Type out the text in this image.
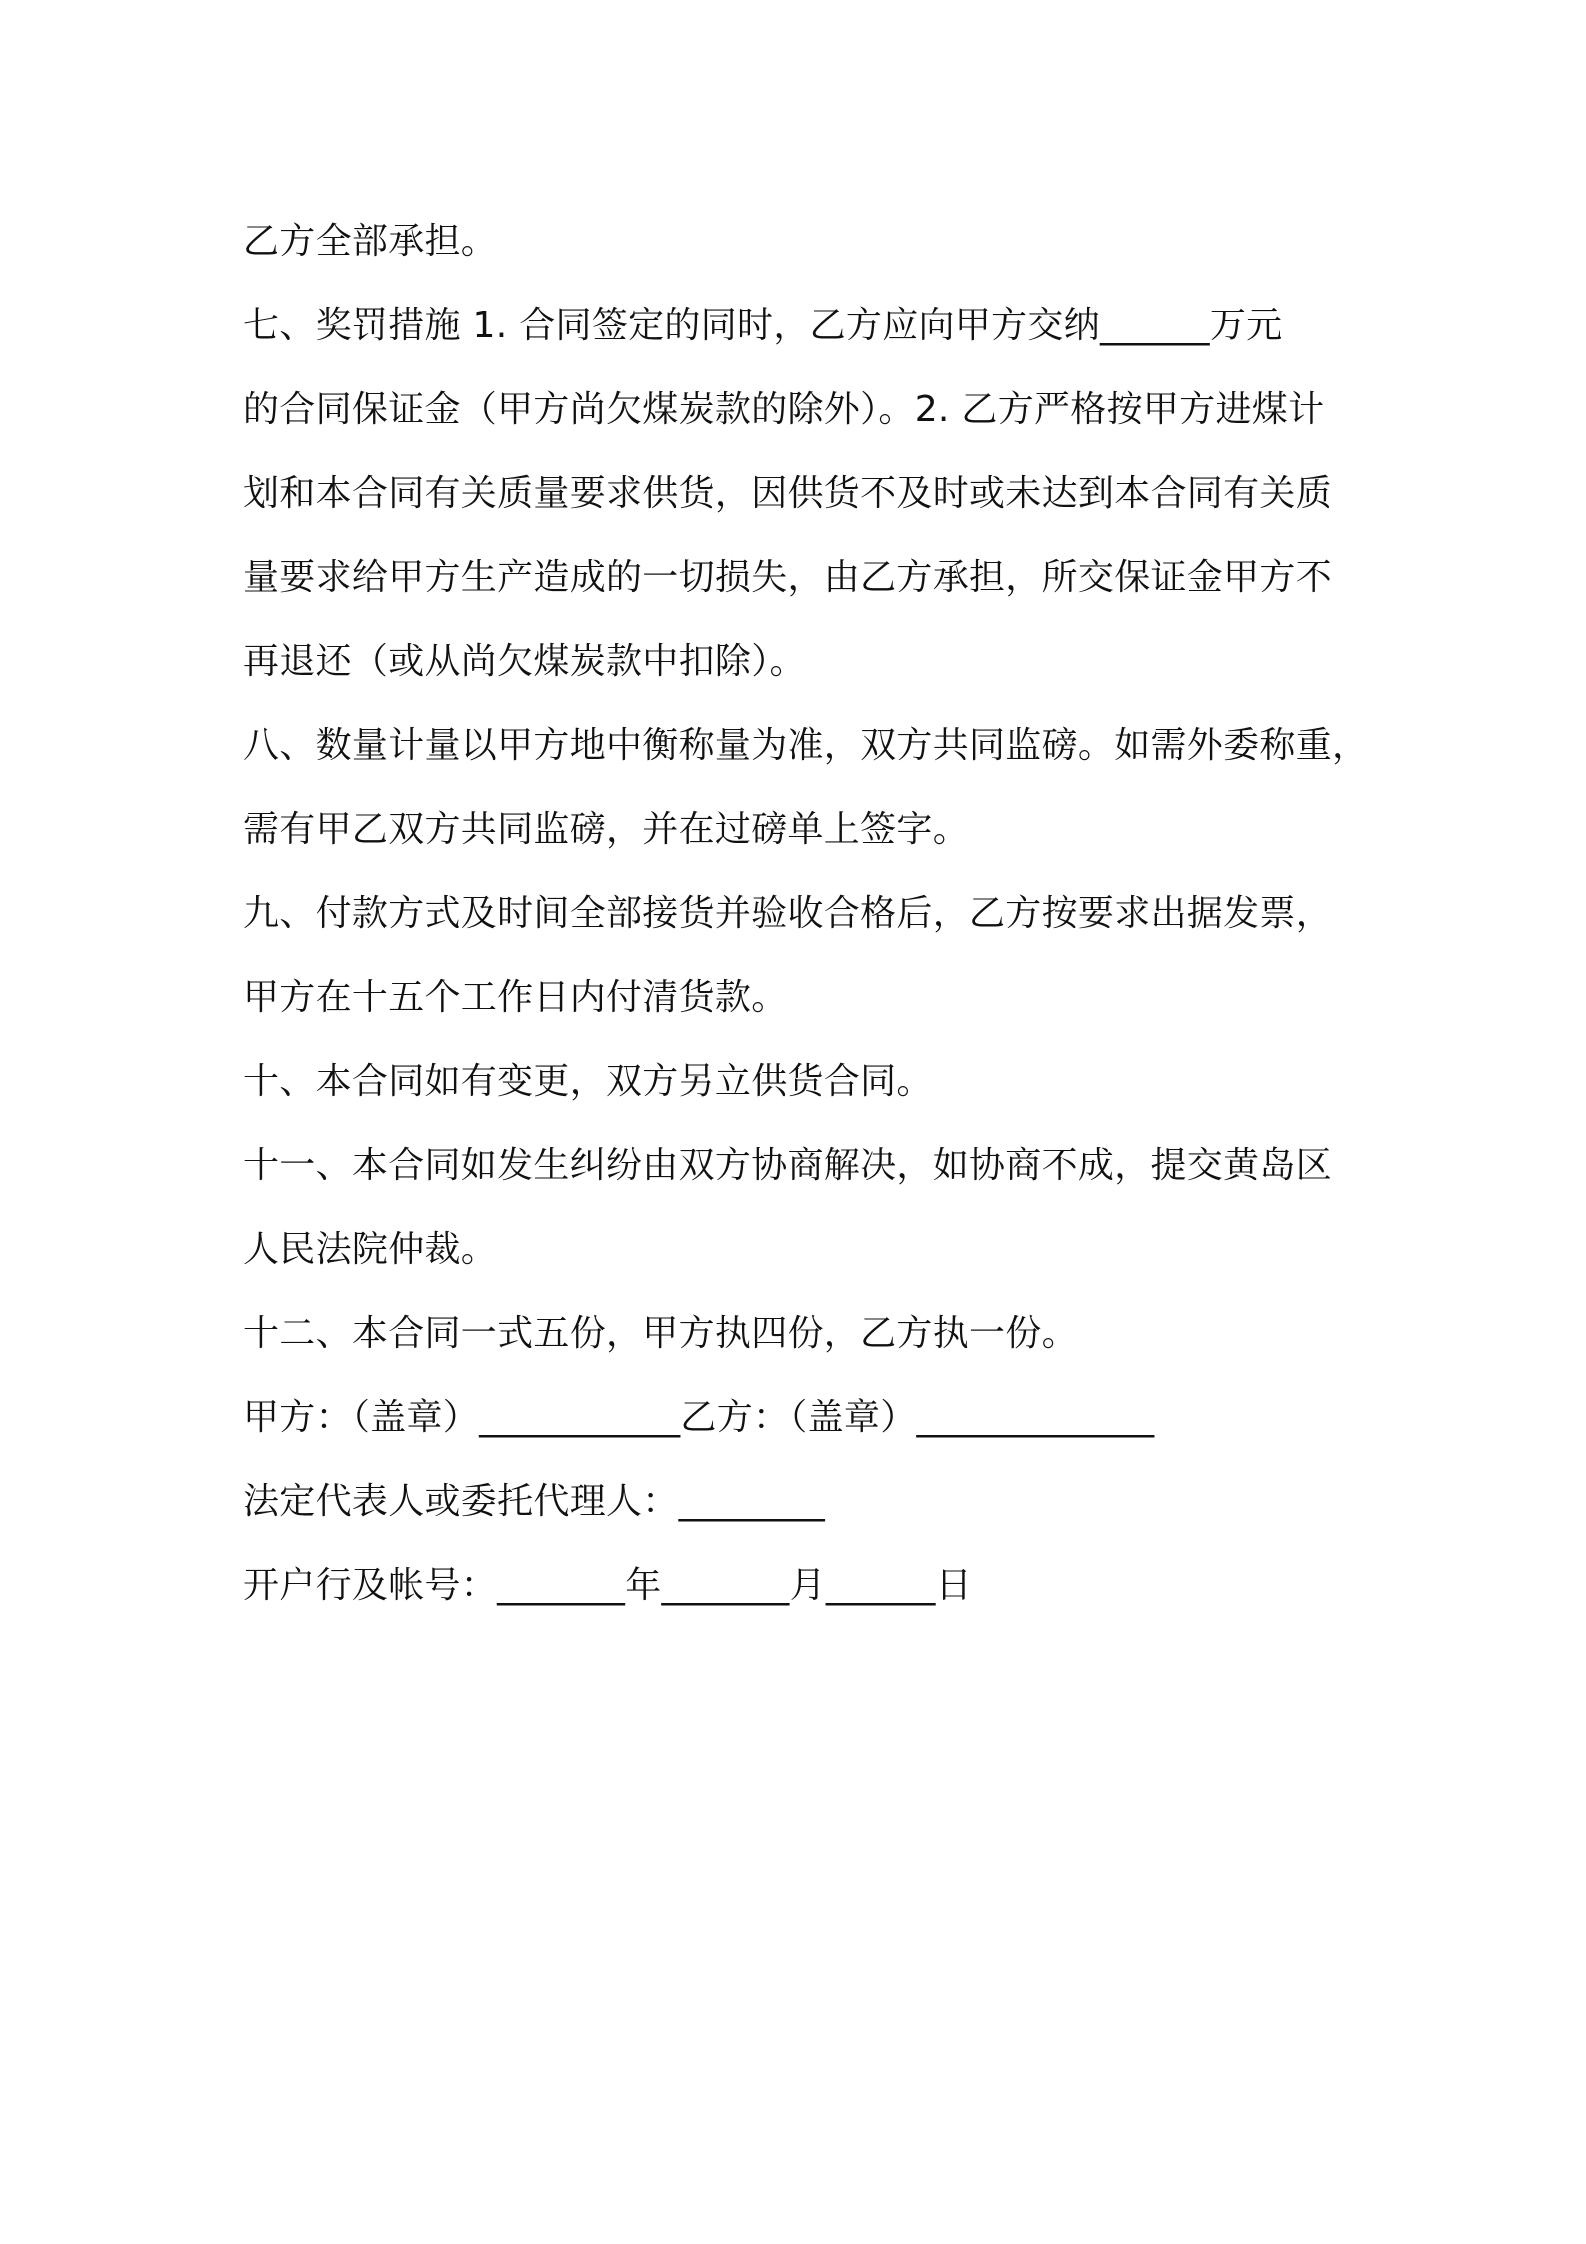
乙方全部承担。

七、奖罚措施 1. 合同签定的同时，乙方应向甲方交纳______万元
的合同保证金（甲方尚欠煤炭款的除外）。2. 乙方严格按甲方进煤计
划和本合同有关质量要求供货，因供货不及时或未达到本合同有关质
量要求给甲方生产造成的一切损失，由乙方承担，所交保证金甲方不
再退还（或从尚欠煤炭款中扣除）。

八、数量计量以甲方地中衡称量为准，双方共同监磅。如需外委称重，
需有甲乙双方共同监磅，并在过磅单上签字。

九、付款方式及时间全部接货并验收合格后，乙方按要求出据发票，
甲方在十五个工作日内付清货款。

十、本合同如有变更，双方另立供货合同。

十一、本合同如发生纠纷由双方协商解决，如协商不成，提交黄岛区
人民法院仲裁。

十二、本合同一式五份，甲方执四份，乙方执一份。

甲方：（盖章）___________乙方：（盖章）_____________
法定代表人或委托代理人：________
开户行及帐号：_______年_______月______日
